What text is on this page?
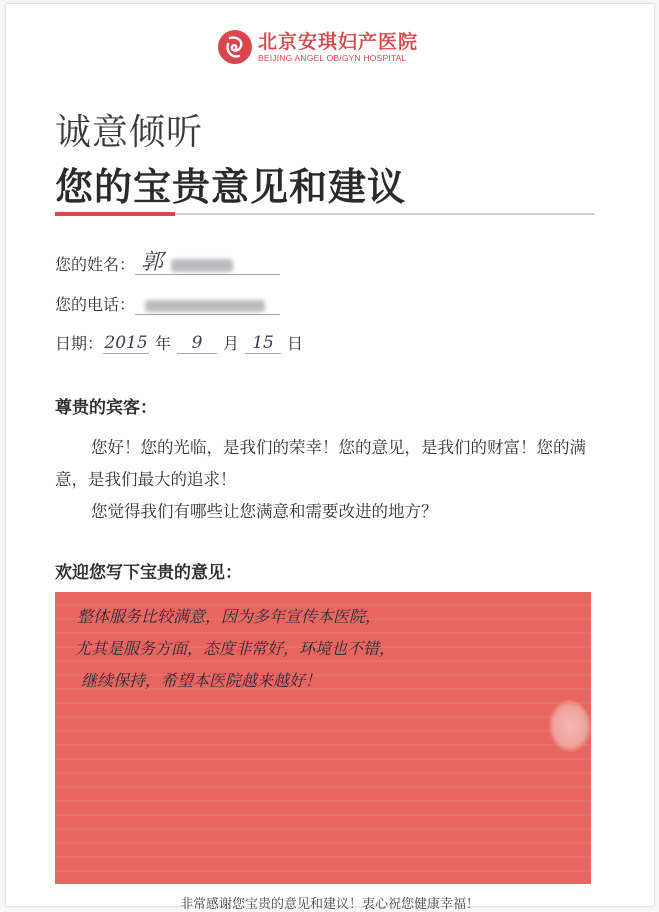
北京安琪妇产医院
BEIJING ANGEL OB/GYN HOSPITAL
诚意倾听
您的宝贵意见和建议
您的姓名： 郭
您的电话：
日期： 2015 年	9	月 15 日
尊贵的宾客：
您好！您的光临，是我们的荣幸！您的意见，是我们的财富！您的满意，是我们最大的追求！
您觉得我们有哪些让您满意和需要改进的地方？
欢迎您写下宝贵的意见：
整体服务比较满意，因为多年宣传本医院，
尤其是服务方面，态度非常好，环境也不错，
继续保持，希望本医院越来越好！
非常感谢您宝贵的意见和建议！衷心祝您健康幸福！
